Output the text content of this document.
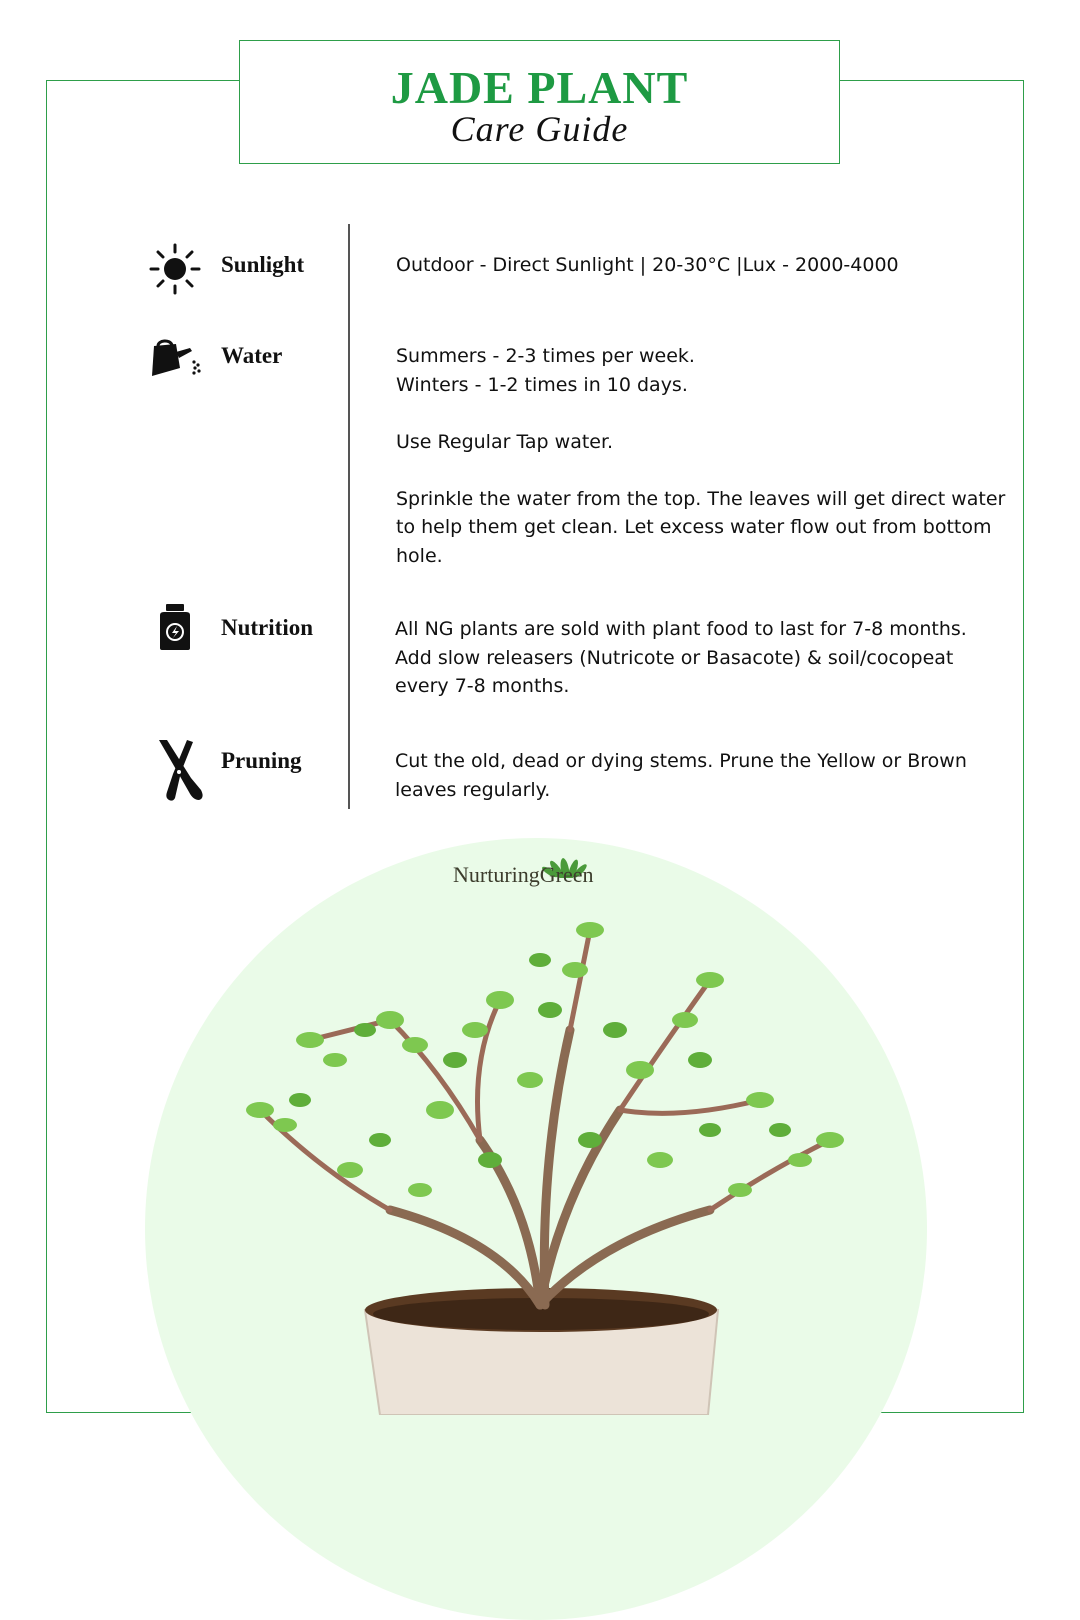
JADE PLANT
Care Guide
Sunlight	Outdoor - Direct Sunlight | 20-30°C |Lux - 2000-4000

Water	Summers - 2-3 times per week.

Winters - 1-2 times in 10 days.

Use Regular Tap water.

Sprinkle the water from the top. The leaves will get direct water to help them get clean. Let excess water flow out from bottom hole.

Nutrition	All NG plants are sold with plant food to last for 7-8 months. Add slow releasers (Nutricote or Basacote) & soil/cocopeat every 7-8 months.

Pruning	Cut the old, dead or dying stems. Prune the Yellow or Brown leaves regularly.

NurturingGreen
